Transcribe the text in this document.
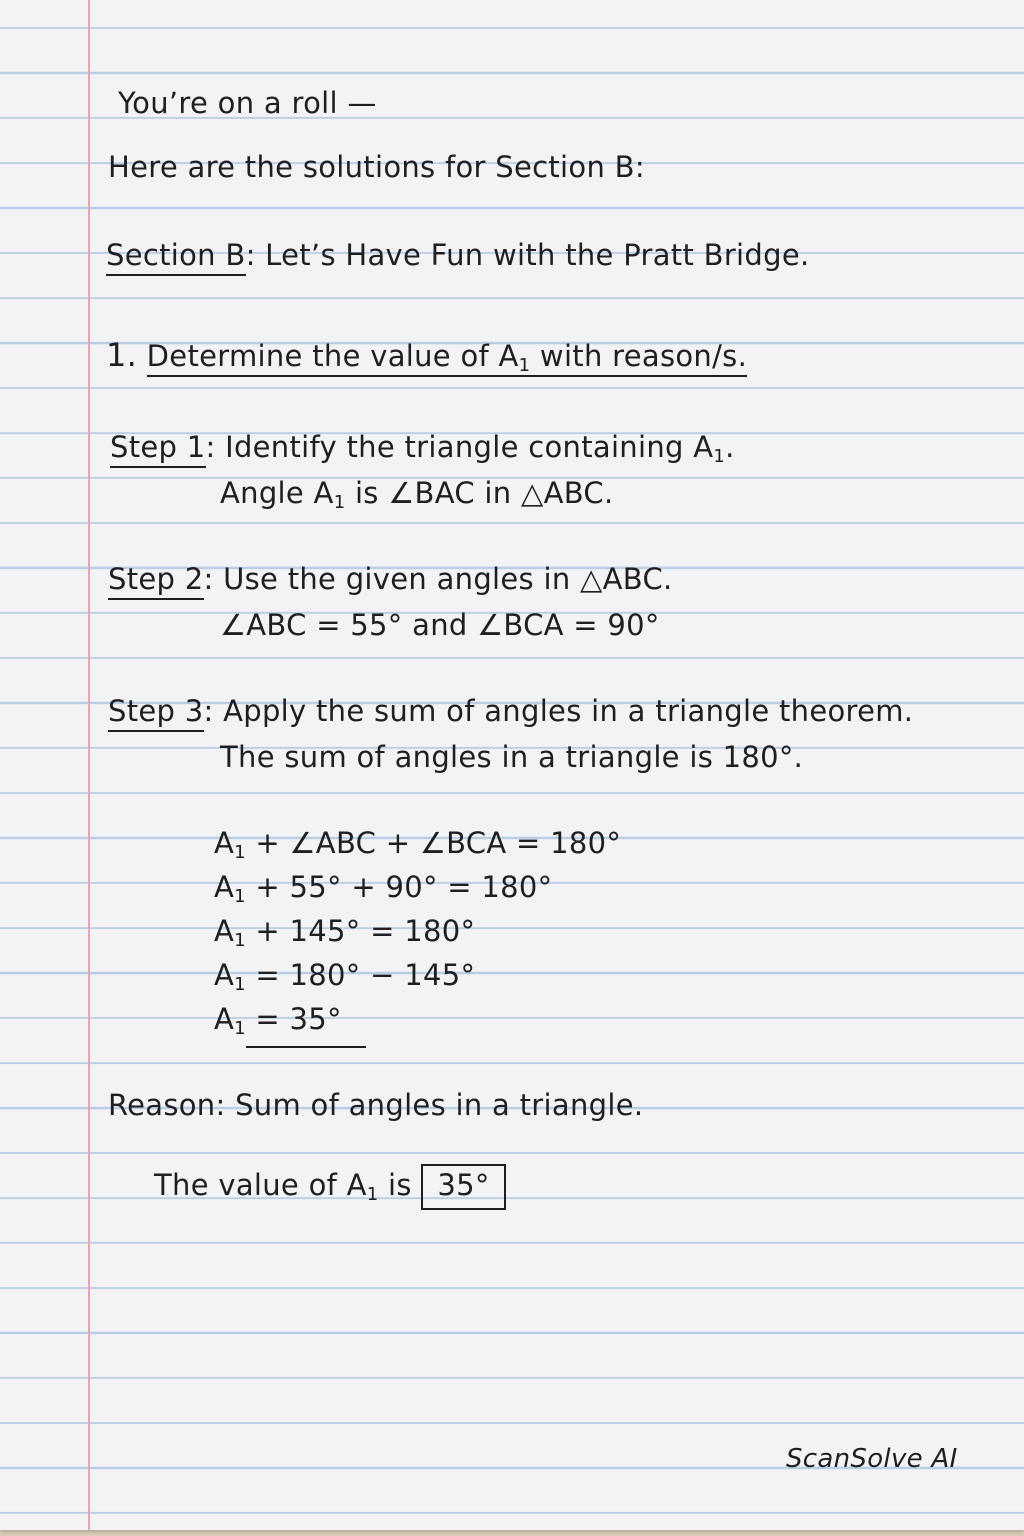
You’re on a roll —
Here are the solutions for Section B:
Section B: Let’s Have Fun with the Pratt Bridge.
1. Determine the value of $A_1$ with reason/s.
Step 1: Identify the triangle containing $A_1$.
Angle $A_1$ is ∠BAC in △ABC.
Step 2: Use the given angles in △ABC.
∠ABC = 55° and ∠BCA = 90°
Step 3: Apply the sum of angles in a triangle theorem.
The sum of angles in a triangle is 180°.
$A_1$ + ∠ABC + ∠BCA = 180°
$A_1 + 55^\circ + 90^\circ = 180^\circ$
$A_1 + 145^\circ = 180^\circ$
$A_1 = 180^\circ - 145^\circ$
$A_1 = 35^\circ$
Reason: Sum of angles in a triangle.
The value of $A_1$ is 35°
ScanSolve AI
